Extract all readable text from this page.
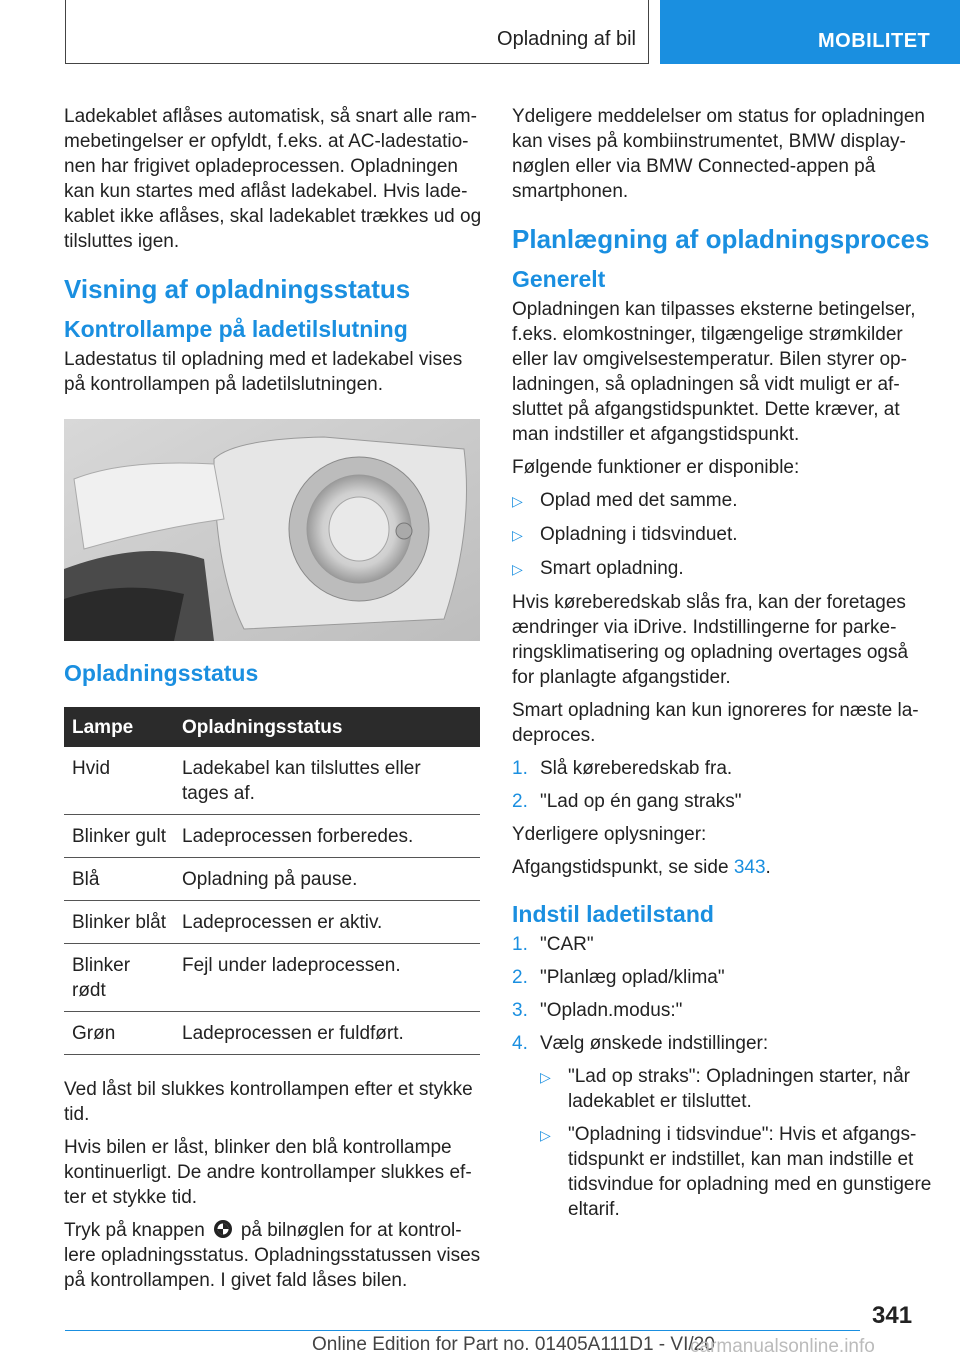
Opladning af bil	MOBILITET

Ladekablet aflåses automatisk, så snart alle rammebetingelser er opfyldt, f.eks. at AC-ladestationen har frigivet opladeprocessen. Opladningen kan kun startes med aflåst ladekabel. Hvis ladekablet ikke aflåses, skal ladekablet trækkes ud og tilsluttes igen.

Visning af opladningsstatus
Kontrollampe på ladetilslutning

Ladestatus til opladning med et ladekabel vises på kontrollampen på ladetilslutningen.

Opladningsstatus
Lampe	Opladningsstatus
Hvid	Ladekabel kan tilsluttes eller tages af.
Blinker gult	Ladeprocessen forberedes.
Blå	Opladning på pause.
Blinker blåt	Ladeprocessen er aktiv.
Blinker rødt	Fejl under ladeprocessen.
Grøn	Ladeprocessen er fuldført.

Ved låst bil slukkes kontrollampen efter et stykke tid.

Hvis bilen er låst, blinker den blå kontrollampe kontinuerligt. De andre kontrollamper slukkes efter et stykke tid.

Tryk på knappen på bilnøglen for at kontrollere opladningsstatus. Opladningsstatussen vises på kontrollampen. I givet fald låses bilen.

Ydeligere meddelelser om status for opladningen kan vises på kombiinstrumentet, BMW displaynøglen eller via BMW Connected-appen på smartphonen.

Planlægning af opladningsproces
Generelt

Opladningen kan tilpasses eksterne betingelser, f.eks. elomkostninger, tilgængelige strømkilder eller lav omgivelsestemperatur. Bilen styrer opladningen, så opladningen så vidt muligt er afsluttet på afgangstidspunktet. Dette kræver, at man indstiller et afgangstidspunkt.

Følgende funktioner er disponible:

▷ Oplad med det samme.
▷ Opladning i tidsvinduet.
▷ Smart opladning.

Hvis køreberedskab slås fra, kan der foretages ændringer via iDrive. Indstillingerne for parkeringsklimatisering og opladning overtages også for planlagte afgangstider.

Smart opladning kan kun ignoreres for næste ladeproces.

1. Slå køreberedskab fra.
2. "Lad op én gang straks"

Yderligere oplysninger:

Afgangstidspunkt, se side 343.

Indstil ladetilstand
1. "CAR"
2. "Planlæg oplad/klima"
3. "Opladn.modus:"
4. Vælg ønskede indstillinger:
▷ "Lad op straks": Opladningen starter, når ladekablet er tilsluttet.
▷ "Opladning i tidsvindue": Hvis et afgangstidspunkt er indstillet, kan man indstille et tidsvindue for opladning med en gunstigere eltarif.
341
Online Edition for Part no. 01405A111D1 - VI/20
carmanualsonline.info
